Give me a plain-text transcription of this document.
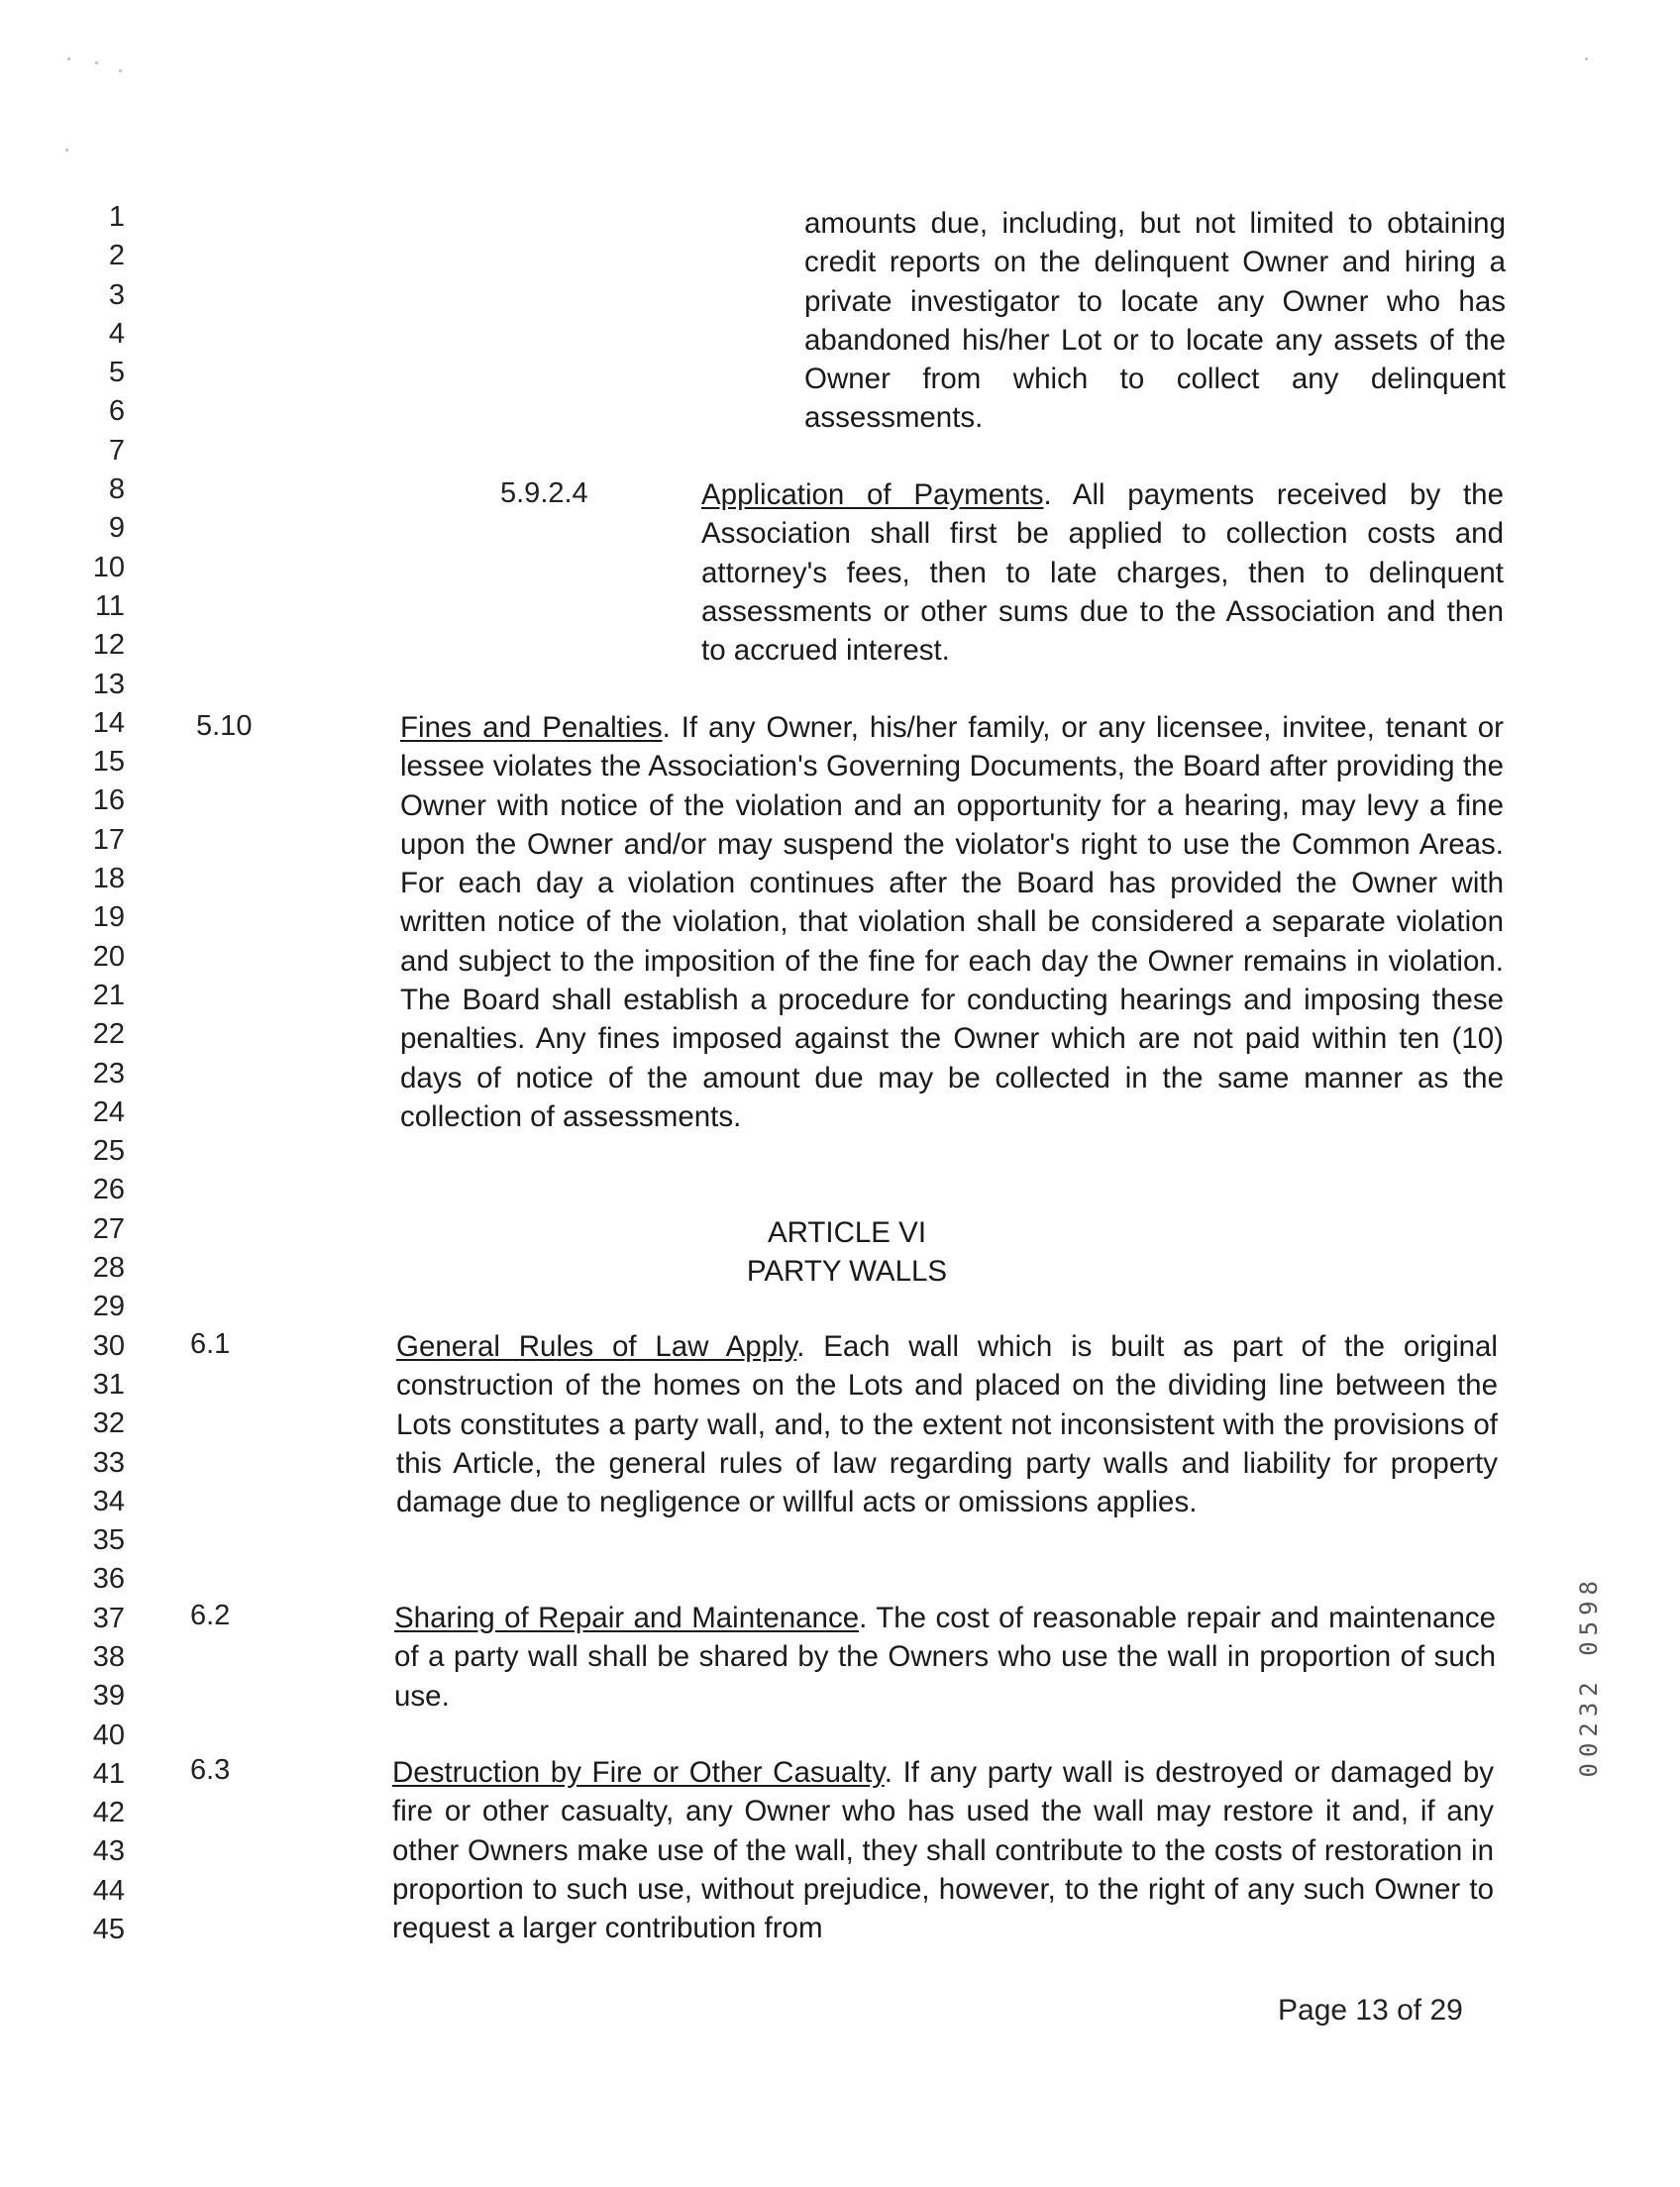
1
2
3
4
5
6
7
8
9
10
11
12
13
14
15
16
17
18
19
20
21
22
23
24
25
26
27
28
29
30
31
32
33
34
35
36
37
38
39
40
41
42
43
44
45
amounts due, including, but not limited to obtaining credit reports on the delinquent Owner and hiring a private investigator to locate any Owner who has abandoned his/her Lot or to locate any assets of the Owner from which to collect any delinquent assessments.
5.9.2.4	Application of Payments. All payments received by the Association shall first be applied to collection costs and attorney's fees, then to late charges, then to delinquent assessments or other sums due to the Association and then to accrued interest.
5.10	Fines and Penalties. If any Owner, his/her family, or any licensee, invitee, tenant or lessee violates the Association's Governing Documents, the Board after providing the Owner with notice of the violation and an opportunity for a hearing, may levy a fine upon the Owner and/or may suspend the violator's right to use the Common Areas. For each day a violation continues after the Board has provided the Owner with written notice of the violation, that violation shall be considered a separate violation and subject to the imposition of the fine for each day the Owner remains in violation. The Board shall establish a procedure for conducting hearings and imposing these penalties. Any fines imposed against the Owner which are not paid within ten (10) days of notice of the amount due may be collected in the same manner as the collection of assessments.
ARTICLE VI
PARTY WALLS
6.1	General Rules of Law Apply. Each wall which is built as part of the original construction of the homes on the Lots and placed on the dividing line between the Lots constitutes a party wall, and, to the extent not inconsistent with the provisions of this Article, the general rules of law regarding party walls and liability for property damage due to negligence or willful acts or omissions applies.
6.2	Sharing of Repair and Maintenance. The cost of reasonable repair and maintenance of a party wall shall be shared by the Owners who use the wall in proportion of such use.
6.3	Destruction by Fire or Other Casualty. If any party wall is destroyed or damaged by fire or other casualty, any Owner who has used the wall may restore it and, if any other Owners make use of the wall, they shall contribute to the costs of restoration in proportion to such use, without prejudice, however, to the right of any such Owner to request a larger contribution from
Page 13 of 29
00232 0598
